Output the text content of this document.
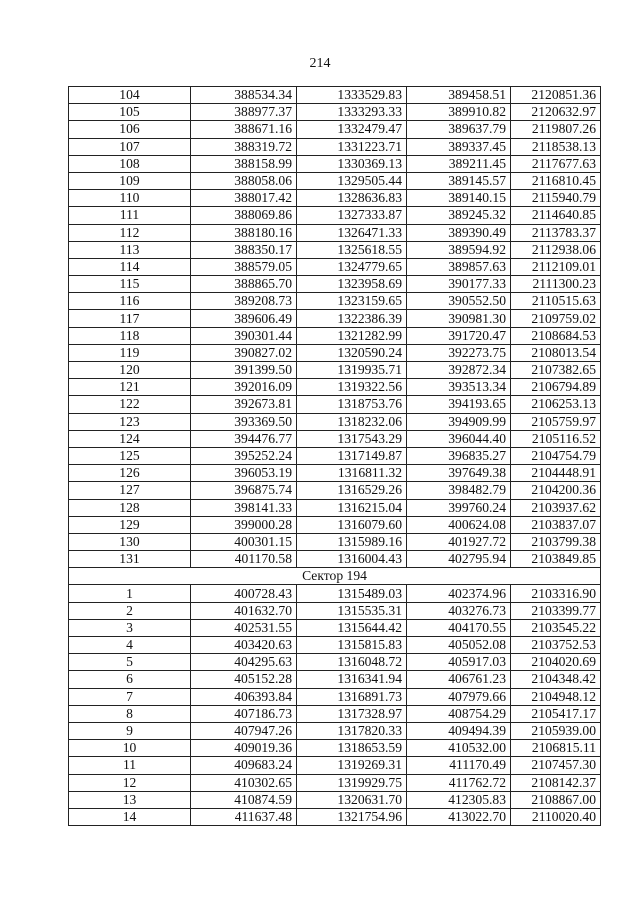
214
104	388534.34	1333529.83	389458.51	2120851.36
105	388977.37	1333293.33	389910.82	2120632.97
106	388671.16	1332479.47	389637.79	2119807.26
107	388319.72	1331223.71	389337.45	2118538.13
108	388158.99	1330369.13	389211.45	2117677.63
109	388058.06	1329505.44	389145.57	2116810.45
110	388017.42	1328636.83	389140.15	2115940.79
111	388069.86	1327333.87	389245.32	2114640.85
112	388180.16	1326471.33	389390.49	2113783.37
113	388350.17	1325618.55	389594.92	2112938.06
114	388579.05	1324779.65	389857.63	2112109.01
115	388865.70	1323958.69	390177.33	2111300.23
116	389208.73	1323159.65	390552.50	2110515.63
117	389606.49	1322386.39	390981.30	2109759.02
118	390301.44	1321282.99	391720.47	2108684.53
119	390827.02	1320590.24	392273.75	2108013.54
120	391399.50	1319935.71	392872.34	2107382.65
121	392016.09	1319322.56	393513.34	2106794.89
122	392673.81	1318753.76	394193.65	2106253.13
123	393369.50	1318232.06	394909.99	2105759.97
124	394476.77	1317543.29	396044.40	2105116.52
125	395252.24	1317149.87	396835.27	2104754.79
126	396053.19	1316811.32	397649.38	2104448.91
127	396875.74	1316529.26	398482.79	2104200.36
128	398141.33	1316215.04	399760.24	2103937.62
129	399000.28	1316079.60	400624.08	2103837.07
130	400301.15	1315989.16	401927.72	2103799.38
131	401170.58	1316004.43	402795.94	2103849.85
Сектор 194				
1	400728.43	1315489.03	402374.96	2103316.90
2	401632.70	1315535.31	403276.73	2103399.77
3	402531.55	1315644.42	404170.55	2103545.22
4	403420.63	1315815.83	405052.08	2103752.53
5	404295.63	1316048.72	405917.03	2104020.69
6	405152.28	1316341.94	406761.23	2104348.42
7	406393.84	1316891.73	407979.66	2104948.12
8	407186.73	1317328.97	408754.29	2105417.17
9	407947.26	1317820.33	409494.39	2105939.00
10	409019.36	1318653.59	410532.00	2106815.11
11	409683.24	1319269.31	411170.49	2107457.30
12	410302.65	1319929.75	411762.72	2108142.37
13	410874.59	1320631.70	412305.83	2108867.00
14	411637.48	1321754.96	413022.70	2110020.40
